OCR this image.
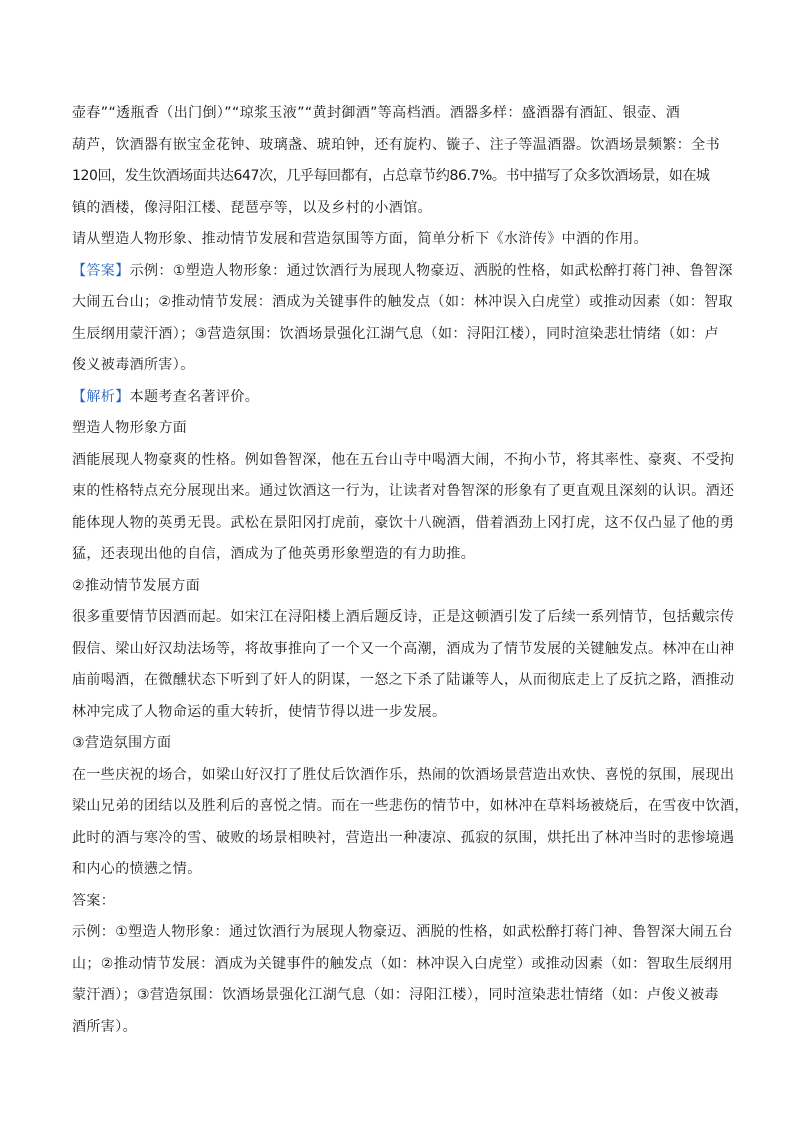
壶春”“透瓶香（出门倒）”“琼浆玉液”“黄封御酒”等高档酒。酒器多样：盛酒器有酒缸、银壶、酒
葫芦，饮酒器有嵌宝金花钟、玻璃盏、琥珀钟，还有旋杓、镟子、注子等温酒器。饮酒场景频繁：全书
120回，发生饮酒场面共达647次，几乎每回都有，占总章节约86.7%。书中描写了众多饮酒场景，如在城
镇的酒楼，像浔阳江楼、琵琶亭等，以及乡村的小酒馆。
请从塑造人物形象、推动情节发展和营造氛围等方面，简单分析下《水浒传》中酒的作用。
【答案】示例：①塑造人物形象：通过饮酒行为展现人物豪迈、洒脱的性格，如武松醉打蒋门神、鲁智深
大闹五台山；②推动情节发展：酒成为关键事件的触发点（如：林冲误入白虎堂）或推动因素（如：智取
生辰纲用蒙汗酒）；③营造氛围：饮酒场景强化江湖气息（如：浔阳江楼），同时渲染悲壮情绪（如：卢
俊义被毒酒所害）。
【解析】本题考查名著评价。
塑造人物形象方面
酒能展现人物豪爽的性格。例如鲁智深，他在五台山寺中喝酒大闹，不拘小节，将其率性、豪爽、不受拘
束的性格特点充分展现出来。通过饮酒这一行为，让读者对鲁智深的形象有了更直观且深刻的认识。酒还
能体现人物的英勇无畏。武松在景阳冈打虎前，豪饮十八碗酒，借着酒劲上冈打虎，这不仅凸显了他的勇
猛，还表现出他的自信，酒成为了他英勇形象塑造的有力助推。
②推动情节发展方面
很多重要情节因酒而起。如宋江在浔阳楼上酒后题反诗，正是这顿酒引发了后续一系列情节，包括戴宗传
假信、梁山好汉劫法场等，将故事推向了一个又一个高潮，酒成为了情节发展的关键触发点。林冲在山神
庙前喝酒，在微醺状态下听到了奸人的阴谋，一怒之下杀了陆谦等人，从而彻底走上了反抗之路，酒推动
林冲完成了人物命运的重大转折，使情节得以进一步发展。
③营造氛围方面
在一些庆祝的场合，如梁山好汉打了胜仗后饮酒作乐，热闹的饮酒场景营造出欢快、喜悦的氛围，展现出
梁山兄弟的团结以及胜利后的喜悦之情。而在一些悲伤的情节中，如林冲在草料场被烧后，在雪夜中饮酒，
此时的酒与寒冷的雪、破败的场景相映衬，营造出一种凄凉、孤寂的氛围，烘托出了林冲当时的悲惨境遇
和内心的愤懑之情。
答案：
示例：①塑造人物形象：通过饮酒行为展现人物豪迈、洒脱的性格，如武松醉打蒋门神、鲁智深大闹五台
山；②推动情节发展：酒成为关键事件的触发点（如：林冲误入白虎堂）或推动因素（如：智取生辰纲用
蒙汗酒）；③营造氛围：饮酒场景强化江湖气息（如：浔阳江楼），同时渲染悲壮情绪（如：卢俊义被毒
酒所害）。
